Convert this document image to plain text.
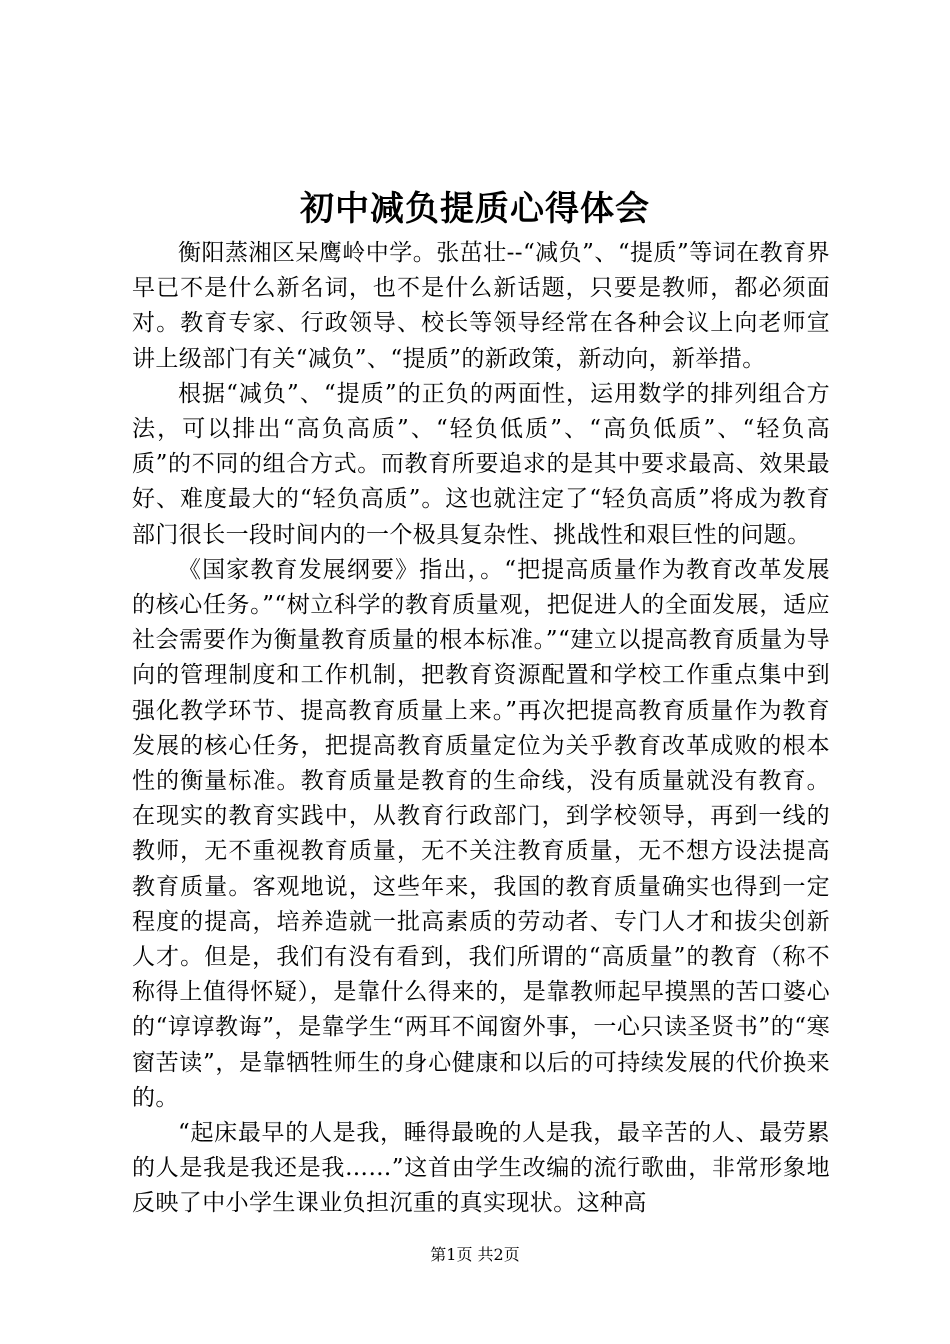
初中减负提质心得体会

衡阳蒸湘区呆鹰岭中学。张茁壮--“减负”、“提质”等词在教育界早已不是什么新名词，也不是什么新话题，只要是教师，都必须面对。教育专家、行政领导、校长等领导经常在各种会议上向老师宣讲上级部门有关“减负”、“提质”的新政策，新动向，新举措。

根据“减负”、“提质”的正负的两面性，运用数学的排列组合方法，可以排出“高负高质”、“轻负低质”、“高负低质”、“轻负高质”的不同的组合方式。而教育所要追求的是其中要求最高、效果最好、难度最大的“轻负高质”。这也就注定了“轻负高质”将成为教育部门很长一段时间内的一个极具复杂性、挑战性和艰巨性的问题。

《国家教育发展纲要》指出，。“把提高质量作为教育改革发展的核心任务。”“树立科学的教育质量观，把促进人的全面发展，适应社会需要作为衡量教育质量的根本标准。”“建立以提高教育质量为导向的管理制度和工作机制，把教育资源配置和学校工作重点集中到强化教学环节、提高教育质量上来。”再次把提高教育质量作为教育发展的核心任务，把提高教育质量定位为关乎教育改革成败的根本性的衡量标准。教育质量是教育的生命线，没有质量就没有教育。在现实的教育实践中，从教育行政部门，到学校领导，再到一线的教师，无不重视教育质量，无不关注教育质量，无不想方设法提高教育质量。客观地说，这些年来，我国的教育质量确实也得到一定程度的提高，培养造就一批高素质的劳动者、专门人才和拔尖创新人才。但是，我们有没有看到，我们所谓的“高质量”的教育（称不称得上值得怀疑），是靠什么得来的，是靠教师起早摸黑的苦口婆心的“谆谆教诲”，是靠学生“两耳不闻窗外事，一心只读圣贤书”的“寒窗苦读”，是靠牺牲师生的身心健康和以后的可持续发展的代价换来的。

“起床最早的人是我，睡得最晚的人是我，最辛苦的人、最劳累的人是我是我还是我……”这首由学生改编的流行歌曲，非常形象地反映了中小学生课业负担沉重的真实现状。这种高

第1页 共2页
